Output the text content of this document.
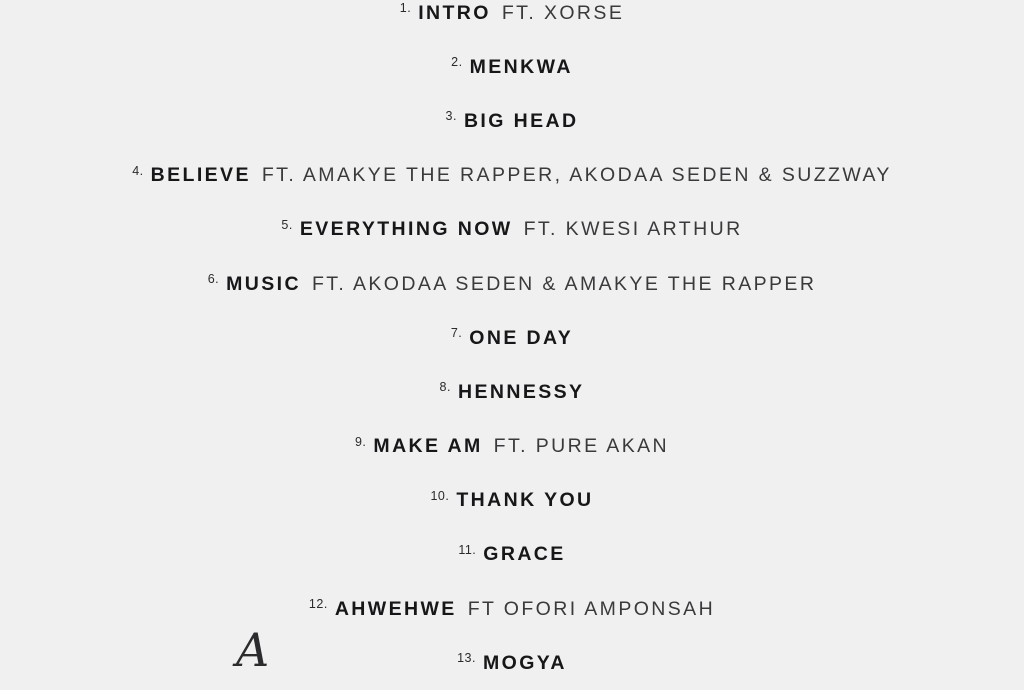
1. INTRO FT. XORSE
2. MENKWA
3. BIG HEAD
4. BELIEVE FT. AMAKYE THE RAPPER, AKODAA SEDEN & SUZZWAY
5. EVERYTHING NOW FT. KWESI ARTHUR
6. MUSIC FT. AKODAA SEDEN & AMAKYE THE RAPPER
7. ONE DAY
8. HENNESSY
9. MAKE AM FT. PURE AKAN
10. THANK YOU
11. GRACE
12. AHWEHWE FT OFORI AMPONSAH
13. MOGYA
A
